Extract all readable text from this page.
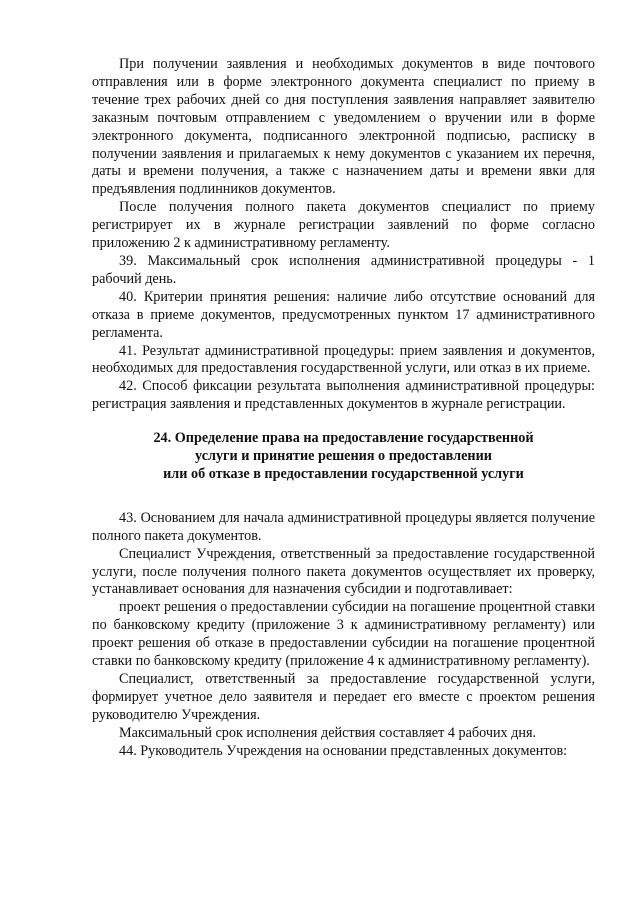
При получении заявления и необходимых документов в виде почтового отправления или в форме электронного документа специалист по приему в течение трех рабочих дней со дня поступления заявления направляет заявителю заказным почтовым отправлением с уведомлением о вручении или в форме электронного документа, подписанного электронной подписью, расписку в получении заявления и прилагаемых к нему документов с указанием их перечня, даты и времени получения, а также с назначением даты и времени явки для предъявления подлинников документов.

После получения полного пакета документов специалист по приему регистрирует их в журнале регистрации заявлений по форме согласно приложению 2 к административному регламенту.

39. Максимальный срок исполнения административной процедуры - 1 рабочий день.

40. Критерии принятия решения: наличие либо отсутствие оснований для отказа в приеме документов, предусмотренных пунктом 17 административного регламента.

41. Результат административной процедуры: прием заявления и документов, необходимых для предоставления государственной услуги, или отказ в их приеме.

42. Способ фиксации результата выполнения административной процедуры: регистрация заявления и представленных документов в журнале регистрации.

24. Определение права на предоставление государственной
услуги и принятие решения о предоставлении
или об отказе в предоставлении государственной услуги

43. Основанием для начала административной процедуры является получение полного пакета документов.

Специалист Учреждения, ответственный за предоставление государственной услуги, после получения полного пакета документов осуществляет их проверку, устанавливает основания для назначения субсидии и подготавливает:

проект решения о предоставлении субсидии на погашение процентной ставки по банковскому кредиту (приложение 3 к административному регламенту) или проект решения об отказе в предоставлении субсидии на погашение процентной ставки по банковскому кредиту (приложение 4 к административному регламенту).

Специалист, ответственный за предоставление государственной услуги, формирует учетное дело заявителя и передает его вместе с проектом решения руководителю Учреждения.

Максимальный срок исполнения действия составляет 4 рабочих дня.

44. Руководитель Учреждения на основании представленных документов:
